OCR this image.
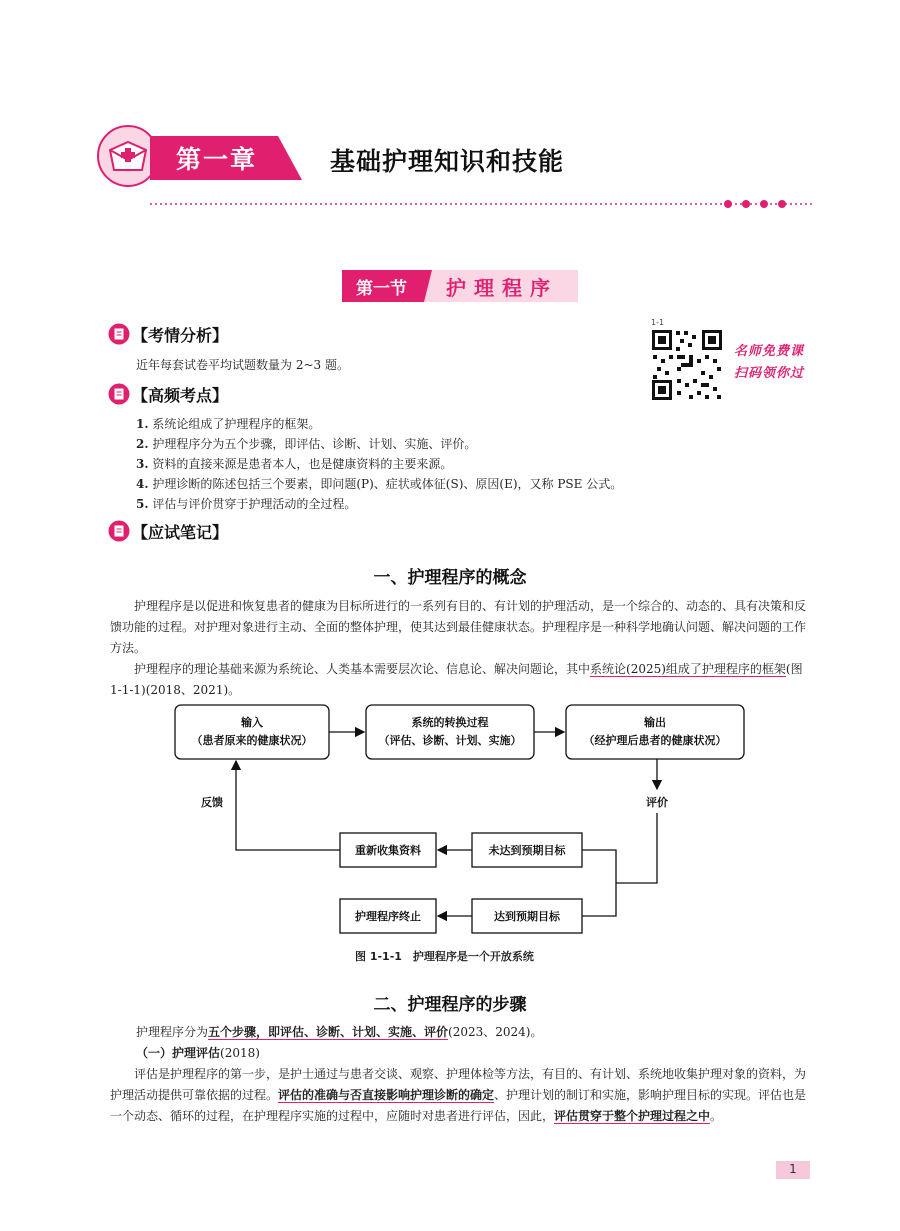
第一章	基础护理知识和技能
第一节 护理程序
【考情分析】
近年每套试卷平均试题数量为 2~3 题。
1-1
名师免费课
扫码领你过
【高频考点】
1. 系统论组成了护理程序的框架。
2. 护理程序分为五个步骤，即评估、诊断、计划、实施、评价。
3. 资料的直接来源是患者本人，也是健康资料的主要来源。
4. 护理诊断的陈述包括三个要素，即问题(P)、症状或体征(S)、原因(E)，又称 PSE 公式。
5. 评估与评价贯穿于护理活动的全过程。
【应试笔记】
一、护理程序的概念
护理程序是以促进和恢复患者的健康为目标所进行的一系列有目的、有计划的护理活动，是一个综合的、动态的、具有决策和反馈功能的过程。对护理对象进行主动、全面的整体护理，使其达到最佳健康状态。护理程序是一种科学地确认问题、解决问题的工作方法。
护理程序的理论基础来源为系统论、人类基本需要层次论、信息论、解决问题论，其中系统论(2025)组成了护理程序的框架(图 1-1-1)(2018、2021)。
输入
（患者原来的健康状况）
系统的转换过程
（评估、诊断、计划、实施）
输出
（经护理后患者的健康状况）
评价
反馈
重新收集资料	未达到预期目标
护理程序终止	达到预期目标
图 1-1-1　护理程序是一个开放系统
二、护理程序的步骤
护理程序分为五个步骤，即评估、诊断、计划、实施、评价(2023、2024)。
（一）护理评估(2018)
评估是护理程序的第一步，是护士通过与患者交谈、观察、护理体检等方法，有目的、有计划、系统地收集护理对象的资料，为护理活动提供可靠依据的过程。评估的准确与否直接影响护理诊断的确定、护理计划的制订和实施，影响护理目标的实现。评估也是一个动态、循环的过程，在护理程序实施的过程中，应随时对患者进行评估，因此，评估贯穿于整个护理过程之中。
1
